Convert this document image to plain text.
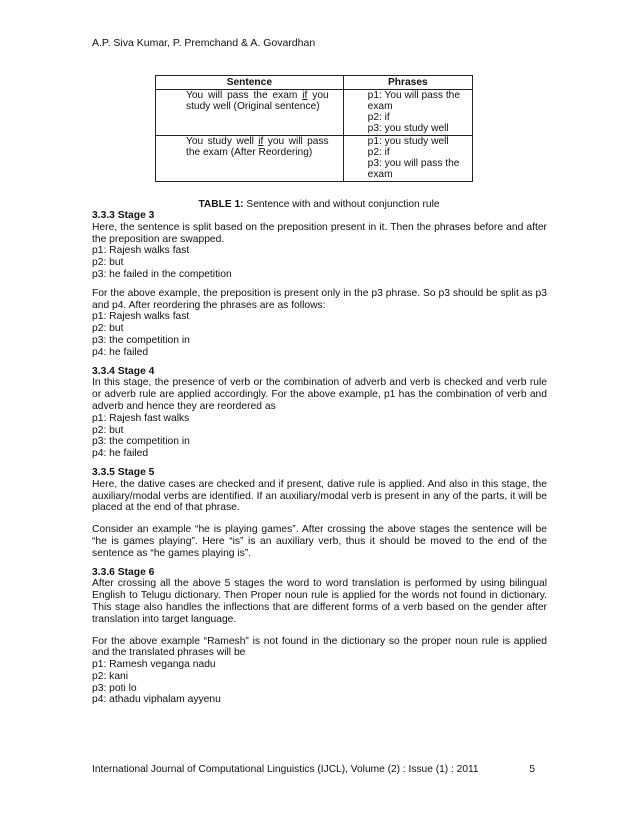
A.P. Siva Kumar, P. Premchand & A. Govardhan
Sentence	Phrases
You will pass the exam if you study well (Original sentence)	p1: You will pass the
exam
p2: if
p3: you study well

You study well if you will pass the exam (After Reordering)	p1: you study well
p2: if
p3: you will pass the
exam
TABLE 1: Sentence with and without conjunction rule

3.3.3 Stage 3
Here, the sentence is split based on the preposition present in it. Then the phrases before and after the preposition are swapped.
p1: Rajesh walks fast
p2: but
p3: he failed in the competition

For the above example, the preposition is present only in the p3 phrase. So p3 should be split as p3 and p4. After reordering the phrases are as follows:
p1: Rajesh walks fast
p2: but
p3: the competition in
p4: he failed

3.3.4 Stage 4
In this stage, the presence of verb or the combination of adverb and verb is checked and verb rule or adverb rule are applied accordingly. For the above example, p1 has the combination of verb and adverb and hence they are reordered as
p1: Rajesh fast walks
p2: but
p3: the competition in
p4: he failed

3.3.5 Stage 5
Here, the dative cases are checked and if present, dative rule is applied. And also in this stage, the auxiliary/modal verbs are identified. If an auxiliary/modal verb is present in any of the parts, it will be placed at the end of that phrase.

Consider an example “he is playing games”. After crossing the above stages the sentence will be “he is games playing”. Here “is” is an auxiliary verb, thus it should be moved to the end of the sentence as “he games playing is”.

3.3.6 Stage 6
After crossing all the above 5 stages the word to word translation is performed by using bilingual English to Telugu dictionary. Then Proper noun rule is applied for the words not found in dictionary. This stage also handles the inflections that are different forms of a verb based on the gender after translation into target language.

For the above example “Ramesh” is not found in the dictionary so the proper noun rule is applied and the translated phrases will be
p1: Ramesh veganga nadu
p2: kani
p3: poti lo
p4: athadu viphalam ayyenu

International Journal of Computational Linguistics (IJCL), Volume (2) : Issue (1) : 2011	5
